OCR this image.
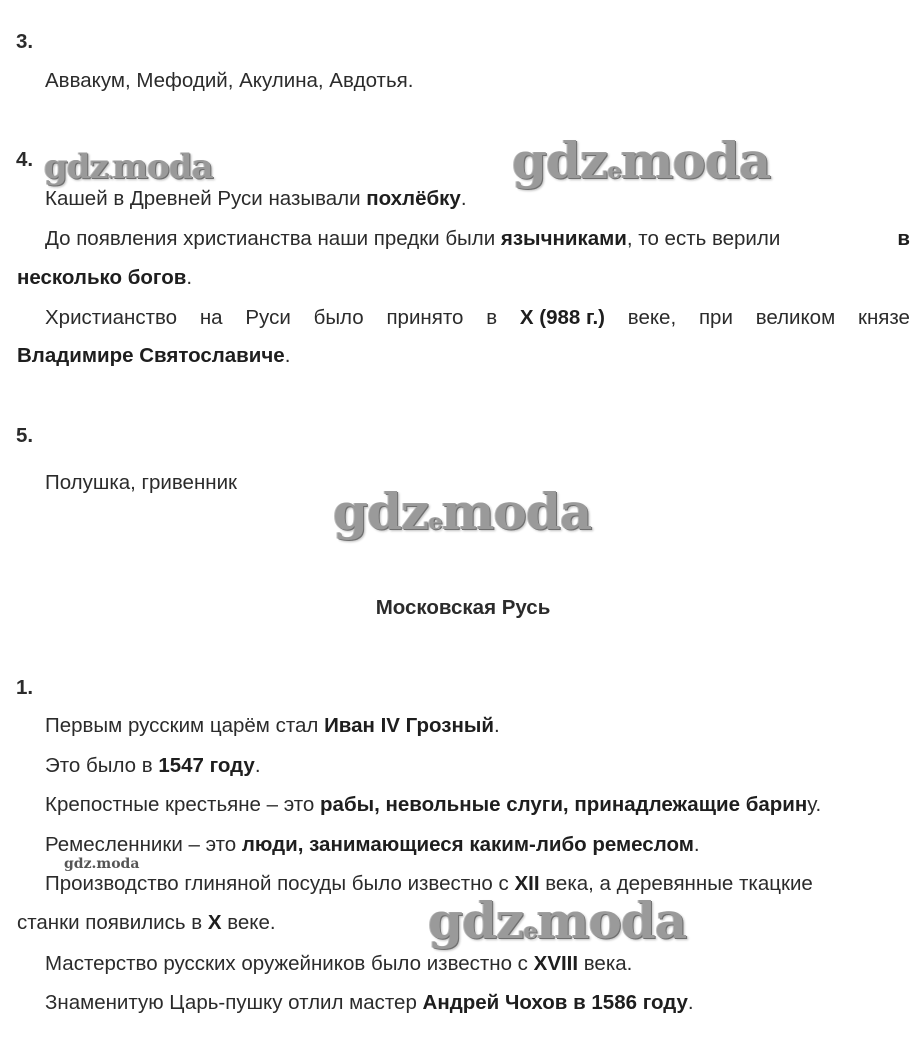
3.
Аввакум, Мефодий, Акулина, Авдотья.
4. gdz.moda	gdzemoda
Кашей в Древней Руси называли похлёбку.
До появления христианства наши предки были язычниками, то есть верили	в
несколько богов.
Христианство на Руси было принято в X (988 г.) веке, при великом князе
Владимире Святославиче.
5.
Полушка, гривенник gdzemoda
Московская Русь
1.
Первым русским царём стал Иван IV Грозный.
Это было в 1547 году.
Крепостные крестьяне – это рабы, невольные слуги, принадлежащие барину.
Ремесленники – это люди, занимающиеся каким-либо ремеслом.
gdz.moda
Производство глиняной посуды было известно с XII века, а деревянные ткацкие
станки появились в X веке.	gdzemoda
Мастерство русских оружейников было известно с XVIII века.
Знаменитую Царь-пушку отлил мастер Андрей Чохов в 1586 году.
